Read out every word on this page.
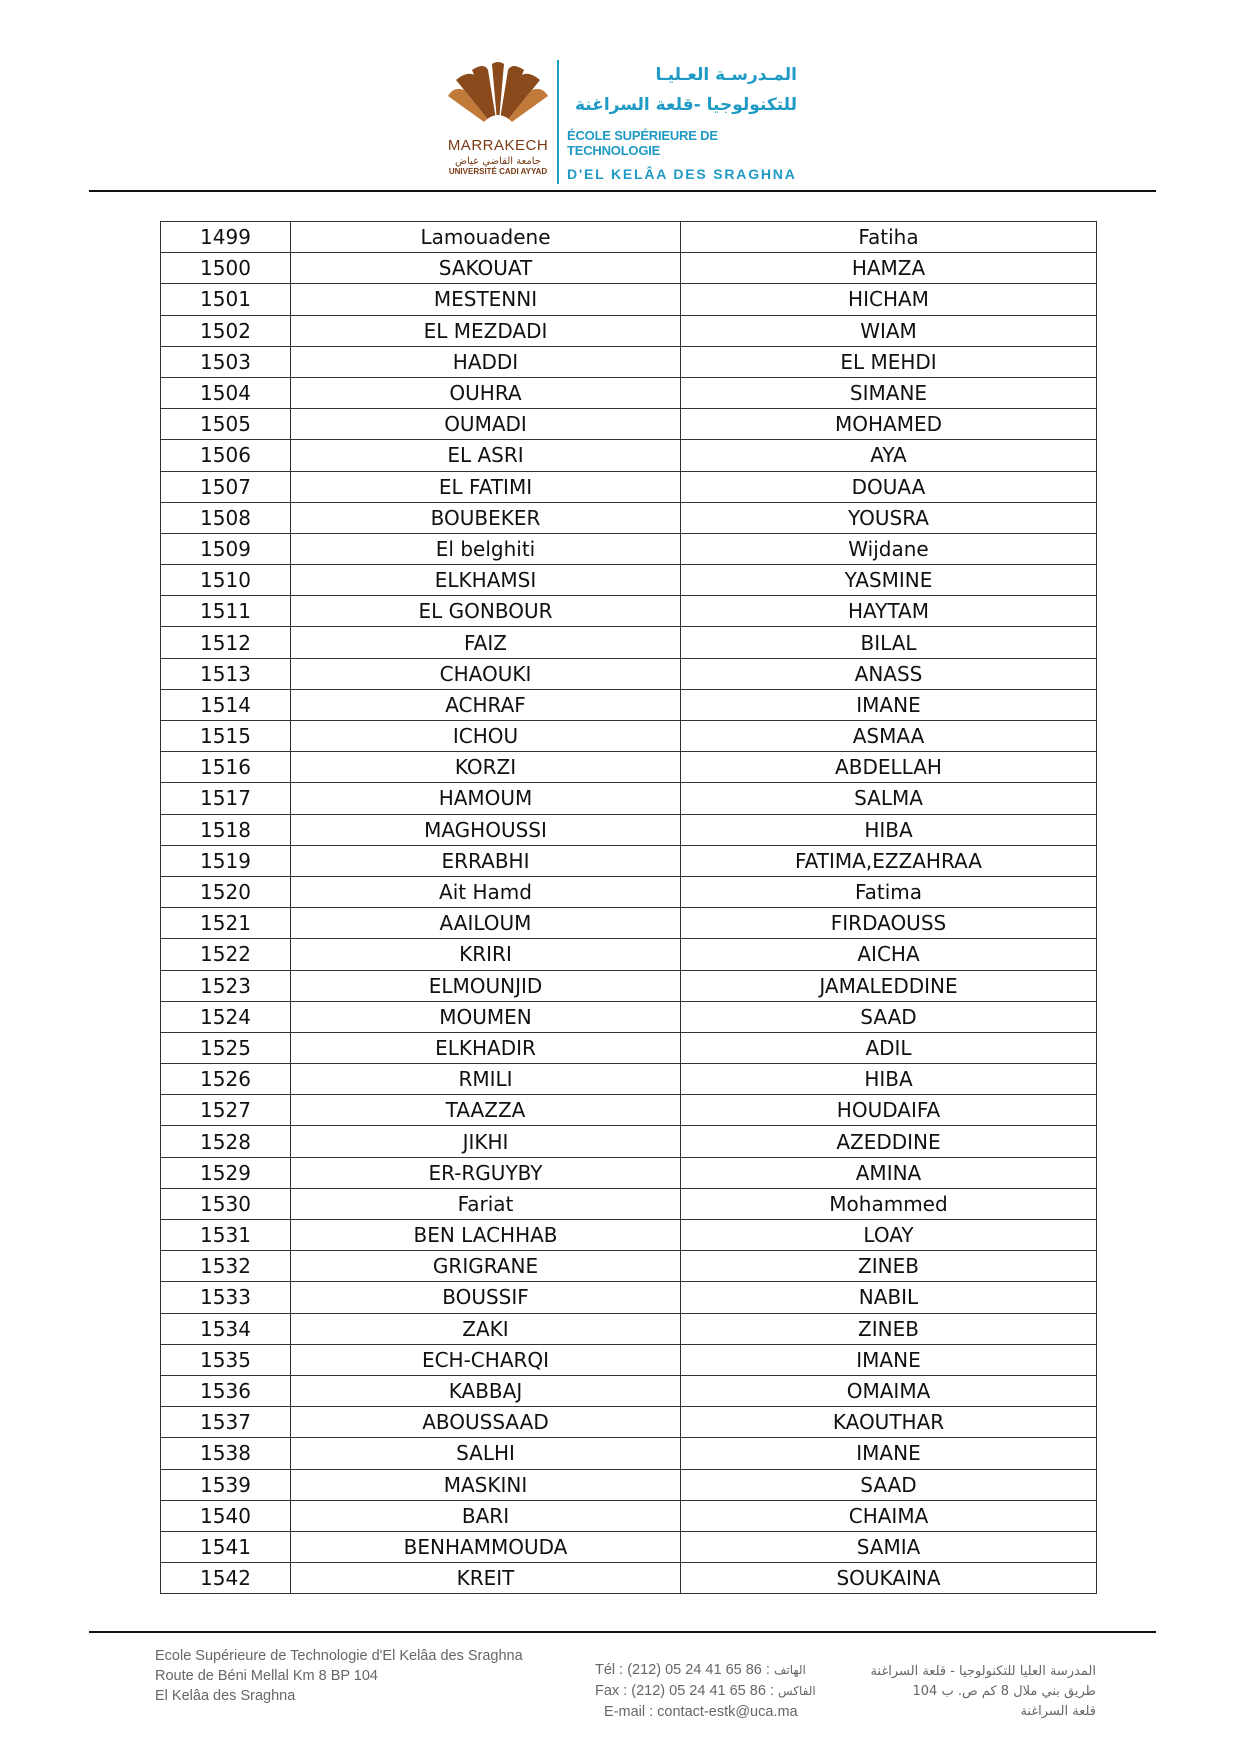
MARRAKECH
جامعة القاضي عياض
UNIVERSITÉ CADI AYYAD
المـدرسـة العـليـا
للتكنولوجيا -قلعة السراغنة
ÉCOLE SUPÉRIEURE DE TECHNOLOGIE
D'EL KELÂA DES SRAGHNA
1499	Lamouadene	Fatiha
1500	SAKOUAT	HAMZA
1501	MESTENNI	HICHAM
1502	EL MEZDADI	WIAM
1503	HADDI	EL MEHDI
1504	OUHRA	SIMANE
1505	OUMADI	MOHAMED
1506	EL ASRI	AYA
1507	EL FATIMI	DOUAA
1508	BOUBEKER	YOUSRA
1509	El belghiti	Wijdane
1510	ELKHAMSI	YASMINE
1511	EL GONBOUR	HAYTAM
1512	FAIZ	BILAL
1513	CHAOUKI	ANASS
1514	ACHRAF	IMANE
1515	ICHOU	ASMAA
1516	KORZI	ABDELLAH
1517	HAMOUM	SALMA
1518	MAGHOUSSI	HIBA
1519	ERRABHI	FATIMA,EZZAHRAA
1520	Ait Hamd	Fatima
1521	AAILOUM	FIRDAOUSS
1522	KRIRI	AICHA
1523	ELMOUNJID	JAMALEDDINE
1524	MOUMEN	SAAD
1525	ELKHADIR	ADIL
1526	RMILI	HIBA
1527	TAAZZA	HOUDAIFA
1528	JIKHI	AZEDDINE
1529	ER-RGUYBY	AMINA
1530	Fariat	Mohammed
1531	BEN LACHHAB	LOAY
1532	GRIGRANE	ZINEB
1533	BOUSSIF	NABIL
1534	ZAKI	ZINEB
1535	ECH-CHARQI	IMANE
1536	KABBAJ	OMAIMA
1537	ABOUSSAAD	KAOUTHAR
1538	SALHI	IMANE
1539	MASKINI	SAAD
1540	BARI	CHAIMA
1541	BENHAMMOUDA	SAMIA
1542	KREIT	SOUKAINA
Ecole Supérieure de Technologie d'El Kelâa des Sraghna
Route de Béni Mellal Km 8 BP 104
El Kelâa des Sraghna
Tél : (212) 05 24 41 65 86 : الهاتف
Fax : (212) 05 24 41 65 86 : الفاكس
E-mail : contact-estk@uca.ma
المدرسة العليا للتكنولوجيا - قلعة السراغنة
طريق بني ملال 8 كم ص. ب 104
قلعة السراغنة
